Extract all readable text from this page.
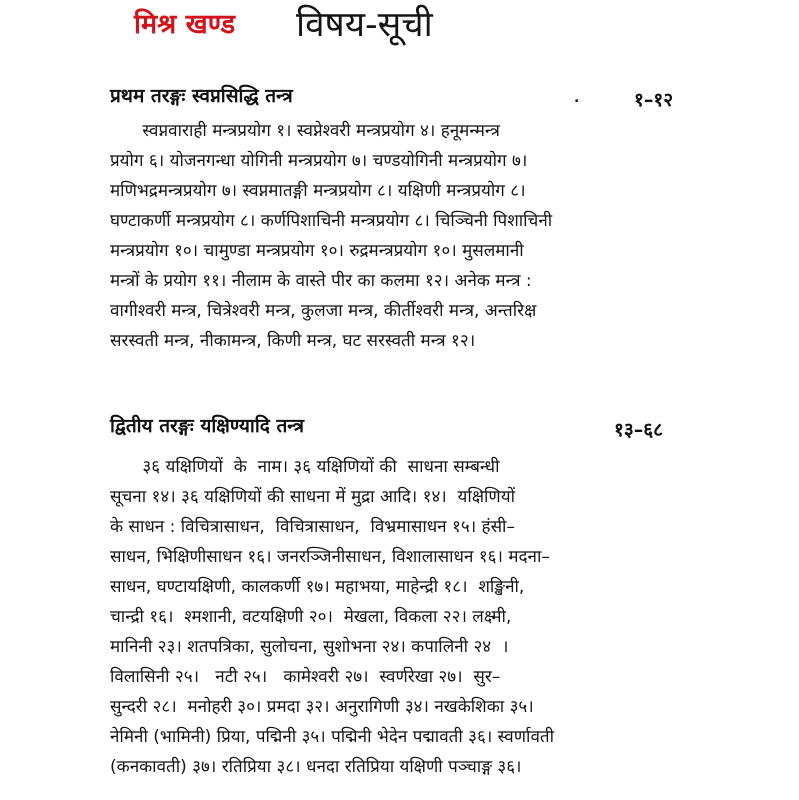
मिश्र खण्ड विषय-सूची
प्रथम तरङ्गः स्वप्नसिद्धि तन्त्र	.	१–१२
स्वप्नवाराही मन्त्रप्रयोग १। स्वप्नेश्वरी मन्त्रप्रयोग ४। हनूमन्मन्त्र
प्रयोग ६। योजनगन्धा योगिनी मन्त्रप्रयोग ७। चण्डयोगिनी मन्त्रप्रयोग ७।
मणिभद्रमन्त्रप्रयोग ७। स्वप्नमातङ्गी मन्त्रप्रयोग ८। यक्षिणी मन्त्रप्रयोग ८।
घण्टाकर्णी मन्त्रप्रयोग ८। कर्णपिशाचिनी मन्त्रप्रयोग ८। चिञ्चिनी पिशाचिनी
मन्त्रप्रयोग १०। चामुण्डा मन्त्रप्रयोग १०। रुद्रमन्त्रप्रयोग १०। मुसलमानी
मन्त्रों के प्रयोग ११। नीलाम के वास्ते पीर का कलमा १२। अनेक मन्त्र :
वागीश्वरी मन्त्र, चित्रेश्वरी मन्त्र, कुलजा मन्त्र, कीर्तीश्वरी मन्त्र, अन्तरिक्ष
सरस्वती मन्त्र, नीकामन्त्र, किणी मन्त्र, घट सरस्वती मन्त्र १२।
द्वितीय तरङ्गः यक्षिण्यादि तन्त्र	१३–६८
३६ यक्षिणियों  के  नाम। ३६ यक्षिणियों की  साधना सम्बन्धी
सूचना १४। ३६ यक्षिणियों की साधना में मुद्रा आदि। १४।  यक्षिणियों
के साधन : विचित्रासाधन,  विचित्रासाधन,  विभ्रमासाधन १५। हंसी–
साधन, भिक्षिणीसाधन १६। जनरञ्जिनीसाधन, विशालासाधन १६। मदना–
साधन, घण्टायक्षिणी, कालकर्णी १७। महाभया, माहेन्द्री १८।  शङ्खिनी,
चान्द्री १६।  श्मशानी, वटयक्षिणी २०।  मेखला, विकला २२। लक्ष्मी,
मानिनी २३। शतपत्रिका, सुलोचना, सुशोभना २४। कपालिनी २४  ।
विलासिनी २५।   नटी २५।   कामेश्वरी २७।  स्वर्णरेखा २७।  सुर–
सुन्दरी २८।  मनोहरी ३०। प्रमदा ३२। अनुरागिणी ३४। नखकेशिका ३५।
नेमिनी (भामिनी) प्रिया, पद्मिनी ३५। पद्मिनी भेदेन पद्मावती ३६। स्वर्णावती
(कनकावती) ३७। रतिप्रिया ३८। धनदा रतिप्रिया यक्षिणी पञ्चाङ्ग ३६।
